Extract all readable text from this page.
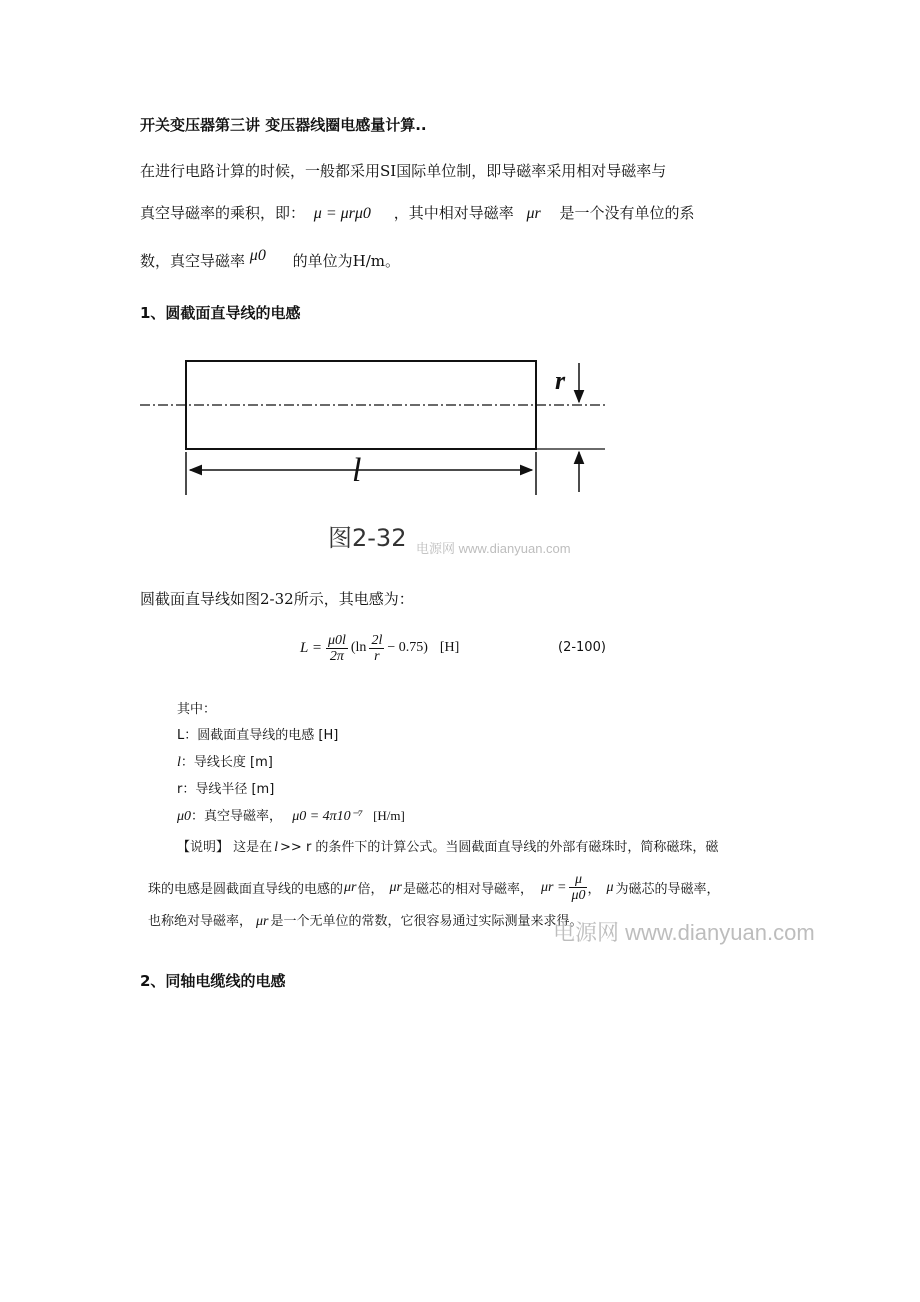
开关变压器第三讲 变压器线圈电感量计算..
在进行电路计算的时候，一般都采用SI国际单位制，即导磁率采用相对导磁率与
真空导磁率的乘积，即： μ = μrμ0 ，其中相对导磁率 μr 是一个没有单位的系
数，真空导磁率 μ0 的单位为H/m。
1、圆截面直导线的电感
l
r
图2-32 电源网 www.dianyuan.com
圆截面直导线如图2-32所示，其电感为：
$L = \frac{\mu 0l}{2\pi} (\ln \frac{2l}{r} - 0.75)$ [H]	(2-100)
其中：
L：圆截面直导线的电感 [H]
l：导线长度 [m]
r：导线半径 [m]
μ0：真空导磁率， μ0 = 4π10⁻⁷ [H/m]
【说明】 这是在 l >> r 的条件下的计算公式。当圆截面直导线的外部有磁珠时，简称磁珠，磁
珠的电感是圆截面直导线的电感的 μr 倍， μr 是磁芯的相对导磁率， $\mu r = \frac{\mu}{\mu 0}$ ， μ 为磁芯的导磁率，
也称绝对导磁率， μr 是一个无单位的常数，它很容易通过实际测量来求得。
电源网 www.dianyuan.com
2、同轴电缆线的电感
